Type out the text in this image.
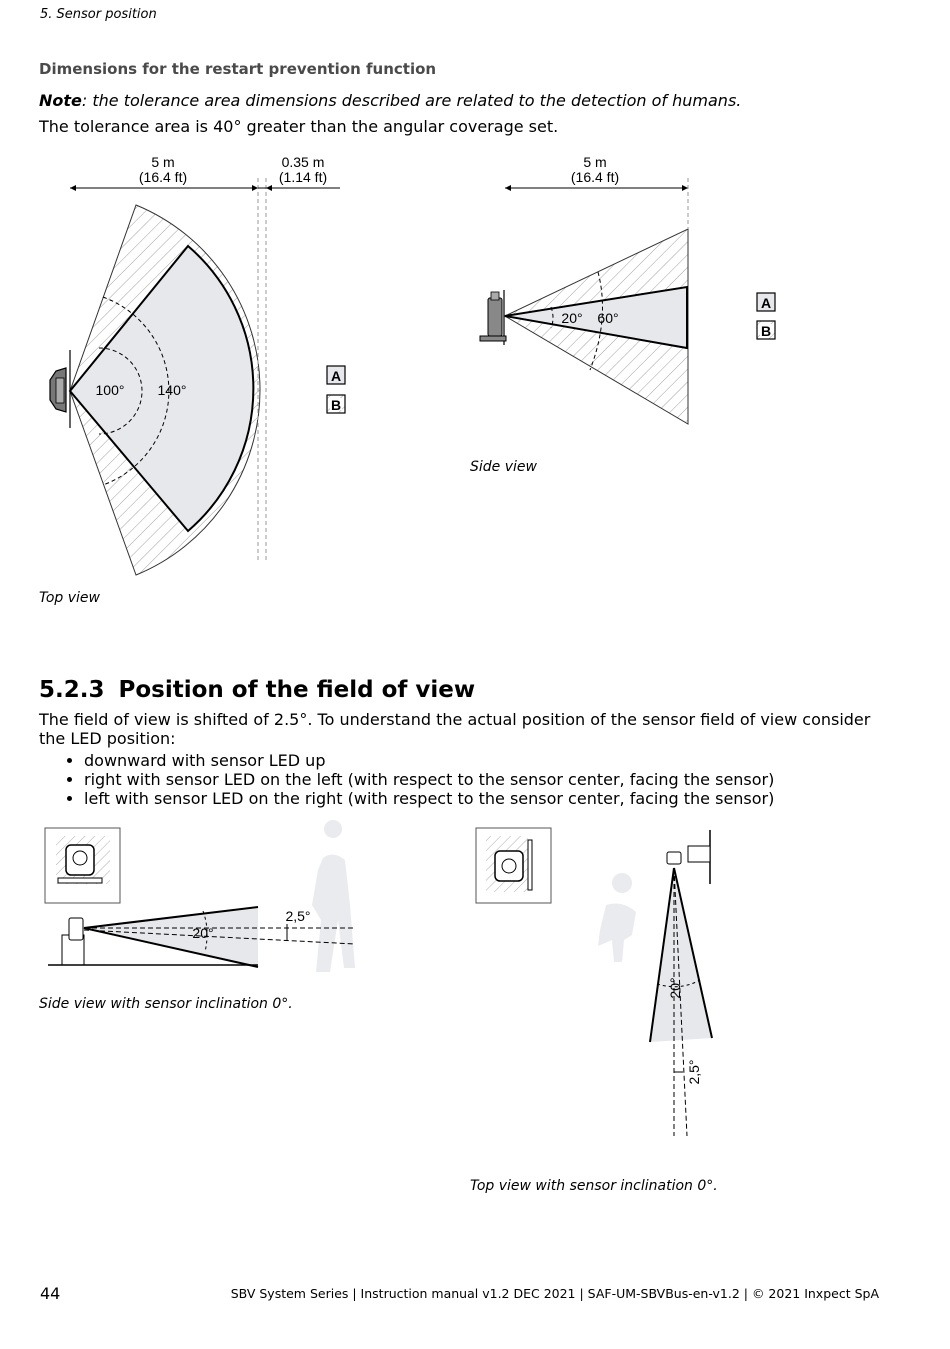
5. Sensor position
Dimensions for the restart prevention function
Note: the tolerance area dimensions described are related to the detection of humans.
The tolerance area is 40° greater than the angular coverage set.
5 m
(16.4 ft)
0.35 m
(1.14 ft)
100° 140°
A
B
Top view
5 m
(16.4 ft)
20° 60°
A
B
Side view
5.2.3 Position of the field of view
The field of view is shifted of 2.5°. To understand the actual position of the sensor field of view consider the LED position:
• downward with sensor LED up
• right with sensor LED on the left (with respect to the sensor center, facing the sensor)
• left with sensor LED on the right (with respect to the sensor center, facing the sensor)
20°
2,5°
Side view with sensor inclination 0°.
20°
2,5°
Top view with sensor inclination 0°.
44	SBV System Series | Instruction manual v1.2 DEC 2021 | SAF-UM-SBVBus-en-v1.2 | © 2021 Inxpect SpA
